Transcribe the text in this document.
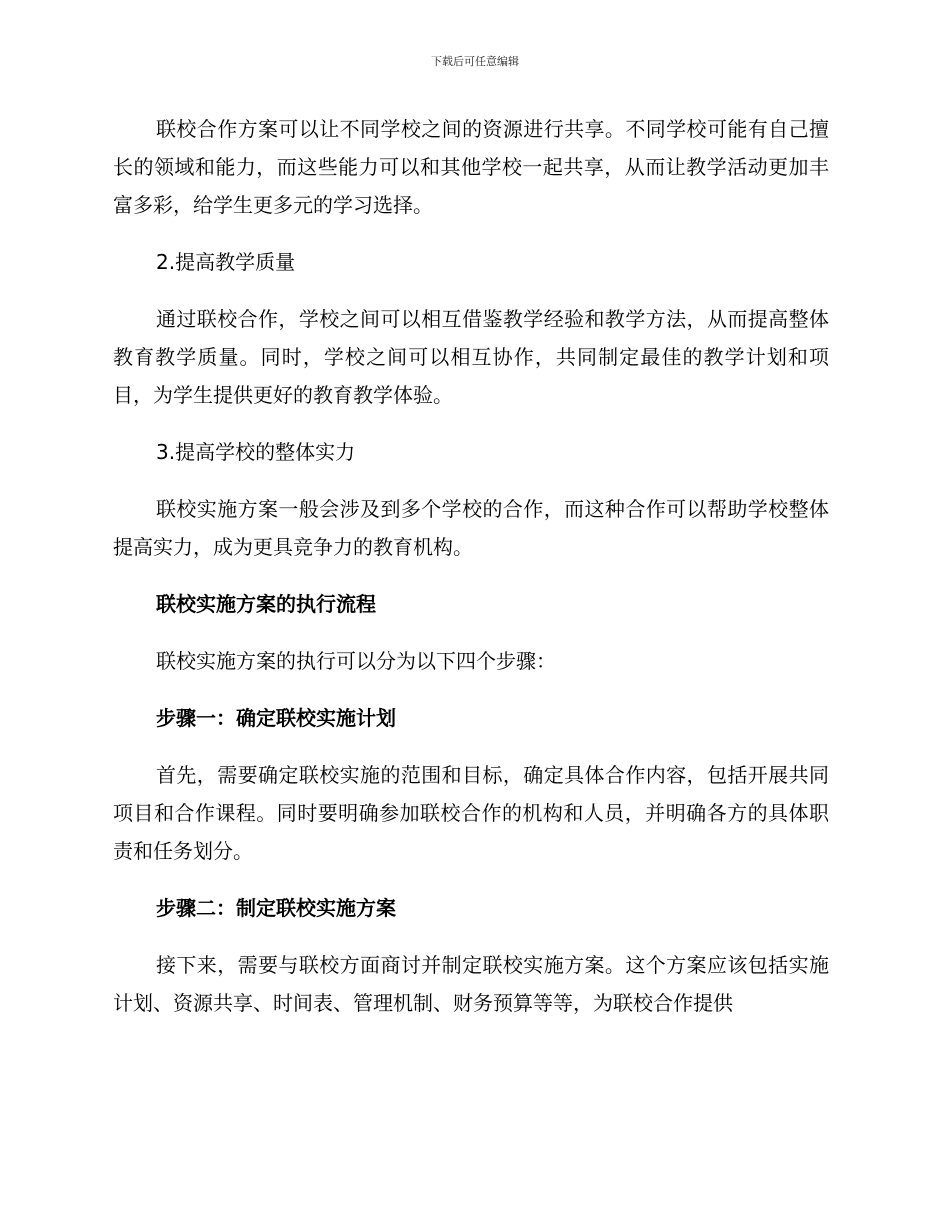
下载后可任意编辑

联校合作方案可以让不同学校之间的资源进行共享。不同学校可能有自己擅长的领域和能力，而这些能力可以和其他学校一起共享，从而让教学活动更加丰富多彩，给学生更多元的学习选择。

2.提高教学质量

通过联校合作，学校之间可以相互借鉴教学经验和教学方法，从而提高整体教育教学质量。同时，学校之间可以相互协作，共同制定最佳的教学计划和项目，为学生提供更好的教育教学体验。

3.提高学校的整体实力

联校实施方案一般会涉及到多个学校的合作，而这种合作可以帮助学校整体提高实力，成为更具竞争力的教育机构。

联校实施方案的执行流程

联校实施方案的执行可以分为以下四个步骤：

步骤一：确定联校实施计划

首先，需要确定联校实施的范围和目标，确定具体合作内容，包括开展共同项目和合作课程。同时要明确参加联校合作的机构和人员，并明确各方的具体职责和任务划分。

步骤二：制定联校实施方案

接下来，需要与联校方面商讨并制定联校实施方案。这个方案应该包括实施计划、资源共享、时间表、管理机制、财务预算等等，为联校合作提供
